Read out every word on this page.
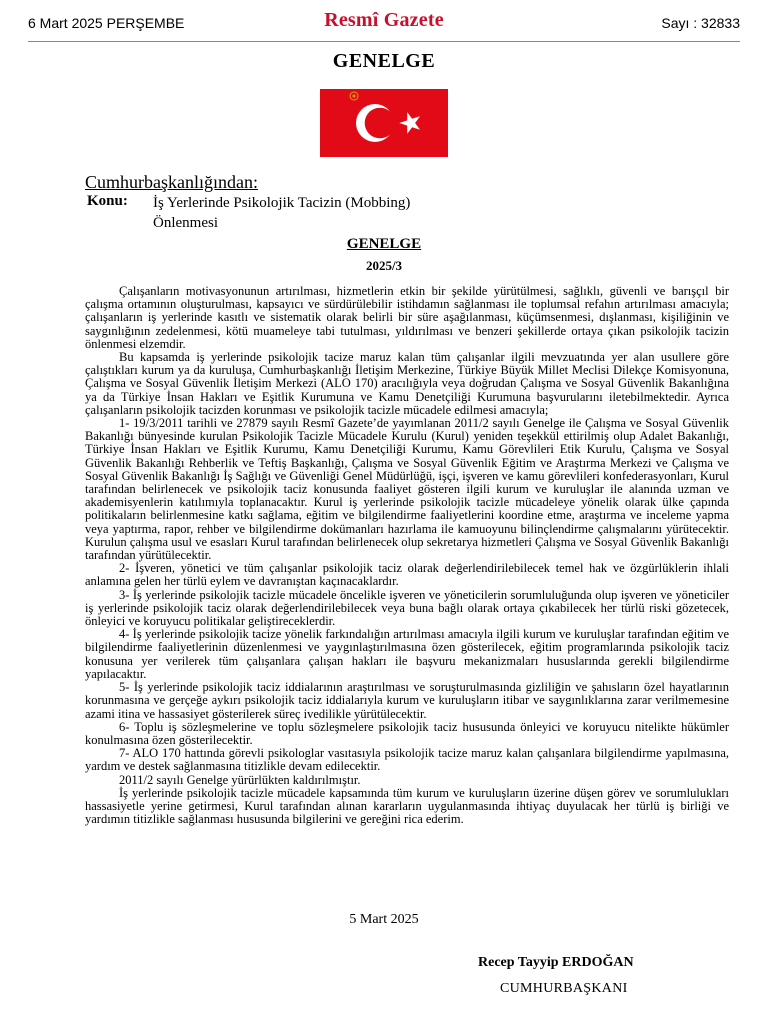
6 Mart 2025 PERŞEMBE	Resmî Gazete	Sayı : 32833
GENELGE
Cumhurbaşkanlığından:
Konu: İş Yerlerinde Psikolojik Tacizin (Mobbing) Önlenmesi
GENELGE
2025/3

Çalışanların motivasyonunun artırılması, hizmetlerin etkin bir şekilde yürütülmesi, sağlıklı, güvenli ve barışçıl bir çalışma ortamının oluşturulması, kapsayıcı ve sürdürülebilir istihdamın sağlanması ile toplumsal refahın artırılması amacıyla; çalışanların iş yerlerinde kasıtlı ve sistematik olarak belirli bir süre aşağılanması, küçümsenmesi, dışlanması, kişiliğinin ve saygınlığının zedelenmesi, kötü muameleye tabi tutulması, yıldırılması ve benzeri şekillerde ortaya çıkan psikolojik tacizin önlenmesi elzemdir.

Bu kapsamda iş yerlerinde psikolojik tacize maruz kalan tüm çalışanlar ilgili mevzuatında yer alan usullere göre çalıştıkları kurum ya da kuruluşa, Cumhurbaşkanlığı İletişim Merkezine, Türkiye Büyük Millet Meclisi Dilekçe Komisyonuna, Çalışma ve Sosyal Güvenlik İletişim Merkezi (ALO 170) aracılığıyla veya doğrudan Çalışma ve Sosyal Güvenlik Bakanlığına ya da Türkiye İnsan Hakları ve Eşitlik Kurumuna ve Kamu Denetçiliği Kurumuna başvurularını iletebilmektedir. Ayrıca çalışanların psikolojik tacizden korunması ve psikolojik tacizle mücadele edilmesi amacıyla;

1- 19/3/2011 tarihli ve 27879 sayılı Resmî Gazete’de yayımlanan 2011/2 sayılı Genelge ile Çalışma ve Sosyal Güvenlik Bakanlığı bünyesinde kurulan Psikolojik Tacizle Mücadele Kurulu (Kurul) yeniden teşekkül ettirilmiş olup Adalet Bakanlığı, Türkiye İnsan Hakları ve Eşitlik Kurumu, Kamu Denetçiliği Kurumu, Kamu Görevlileri Etik Kurulu, Çalışma ve Sosyal Güvenlik Bakanlığı Rehberlik ve Teftiş Başkanlığı, Çalışma ve Sosyal Güvenlik Eğitim ve Araştırma Merkezi ve Çalışma ve Sosyal Güvenlik Bakanlığı İş Sağlığı ve Güvenliği Genel Müdürlüğü, işçi, işveren ve kamu görevlileri konfederasyonları, Kurul tarafından belirlenecek ve psikolojik taciz konusunda faaliyet gösteren ilgili kurum ve kuruluşlar ile alanında uzman ve akademisyenlerin katılımıyla toplanacaktır. Kurul iş yerlerinde psikolojik tacizle mücadeleye yönelik olarak ülke çapında politikaların belirlenmesine katkı sağlama, eğitim ve bilgilendirme faaliyetlerini koordine etme, araştırma ve inceleme yapma veya yaptırma, rapor, rehber ve bilgilendirme dokümanları hazırlama ile kamuoyunu bilinçlendirme çalışmalarını yürütecektir. Kurulun çalışma usul ve esasları Kurul tarafından belirlenecek olup sekretarya hizmetleri Çalışma ve Sosyal Güvenlik Bakanlığı tarafından yürütülecektir.

2- İşveren, yönetici ve tüm çalışanlar psikolojik taciz olarak değerlendirilebilecek temel hak ve özgürlüklerin ihlali anlamına gelen her türlü eylem ve davranıştan kaçınacaklardır.

3- İş yerlerinde psikolojik tacizle mücadele öncelikle işveren ve yöneticilerin sorumluluğunda olup işveren ve yöneticiler iş yerlerinde psikolojik taciz olarak değerlendirilebilecek veya buna bağlı olarak ortaya çıkabilecek her türlü riski gözetecek, önleyici ve koruyucu politikalar geliştireceklerdir.

4- İş yerlerinde psikolojik tacize yönelik farkındalığın artırılması amacıyla ilgili kurum ve kuruluşlar tarafından eğitim ve bilgilendirme faaliyetlerinin düzenlenmesi ve yaygınlaştırılmasına özen gösterilecek, eğitim programlarında psikolojik taciz konusuna yer verilerek tüm çalışanlara çalışan hakları ile başvuru mekanizmaları hususlarında gerekli bilgilendirme yapılacaktır.

5- İş yerlerinde psikolojik taciz iddialarının araştırılması ve soruşturulmasında gizliliğin ve şahısların özel hayatlarının korunmasına ve gerçeğe aykırı psikolojik taciz iddialarıyla kurum ve kuruluşların itibar ve saygınlıklarına zarar verilmemesine azami itina ve hassasiyet gösterilerek süreç ivedilikle yürütülecektir.

6- Toplu iş sözleşmelerine ve toplu sözleşmelere psikolojik taciz hususunda önleyici ve koruyucu nitelikte hükümler konulmasına özen gösterilecektir.

7- ALO 170 hattında görevli psikologlar vasıtasıyla psikolojik tacize maruz kalan çalışanlara bilgilendirme yapılmasına, yardım ve destek sağlanmasına titizlikle devam edilecektir.

2011/2 sayılı Genelge yürürlükten kaldırılmıştır.

İş yerlerinde psikolojik tacizle mücadele kapsamında tüm kurum ve kuruluşların üzerine düşen görev ve sorumlulukları hassasiyetle yerine getirmesi, Kurul tarafından alınan kararların uygulanmasında ihtiyaç duyulacak her türlü iş birliği ve yardımın titizlikle sağlanması hususunda bilgilerini ve gereğini rica ederim.

5 Mart 2025
Recep Tayyip ERDOĞAN
CUMHURBAŞKANI
